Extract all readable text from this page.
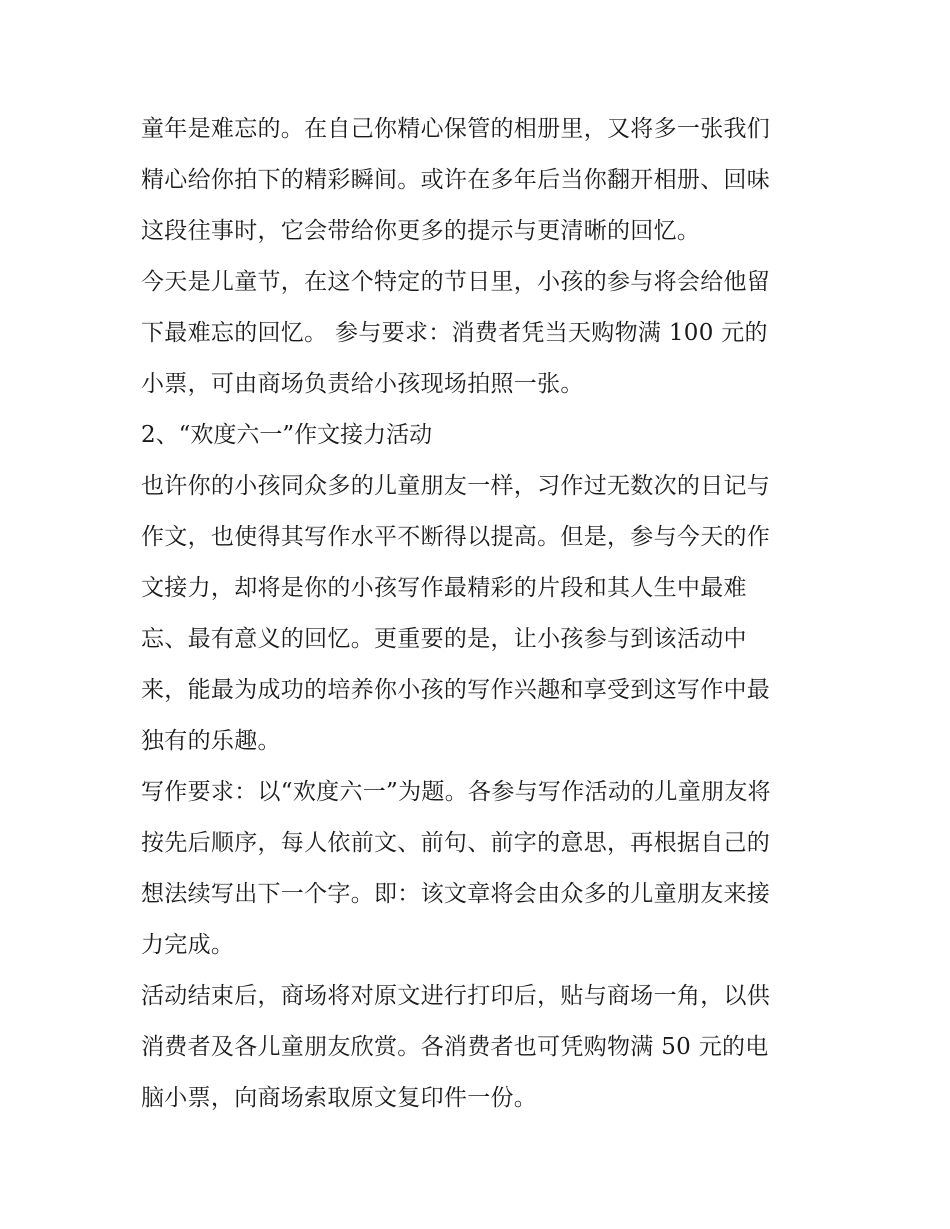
童年是难忘的。在自己你精心保管的相册里，又将多一张我们
精心给你拍下的精彩瞬间。或许在多年后当你翻开相册、回味
这段往事时，它会带给你更多的提示与更清晰的回忆。
今天是儿童节，在这个特定的节日里，小孩的参与将会给他留
下最难忘的回忆。 参与要求：消费者凭当天购物满 100 元的
小票，可由商场负责给小孩现场拍照一张。
2、“欢度六一”作文接力活动
也许你的小孩同众多的儿童朋友一样，习作过无数次的日记与
作文，也使得其写作水平不断得以提高。但是，参与今天的作
文接力，却将是你的小孩写作最精彩的片段和其人生中最难
忘、最有意义的回忆。更重要的是，让小孩参与到该活动中
来，能最为成功的培养你小孩的写作兴趣和享受到这写作中最
独有的乐趣。
写作要求：以“欢度六一”为题。各参与写作活动的儿童朋友将
按先后顺序，每人依前文、前句、前字的意思，再根据自己的
想法续写出下一个字。即：该文章将会由众多的儿童朋友来接
力完成。
活动结束后，商场将对原文进行打印后，贴与商场一角，以供
消费者及各儿童朋友欣赏。各消费者也可凭购物满 50 元的电
脑小票，向商场索取原文复印件一份。
